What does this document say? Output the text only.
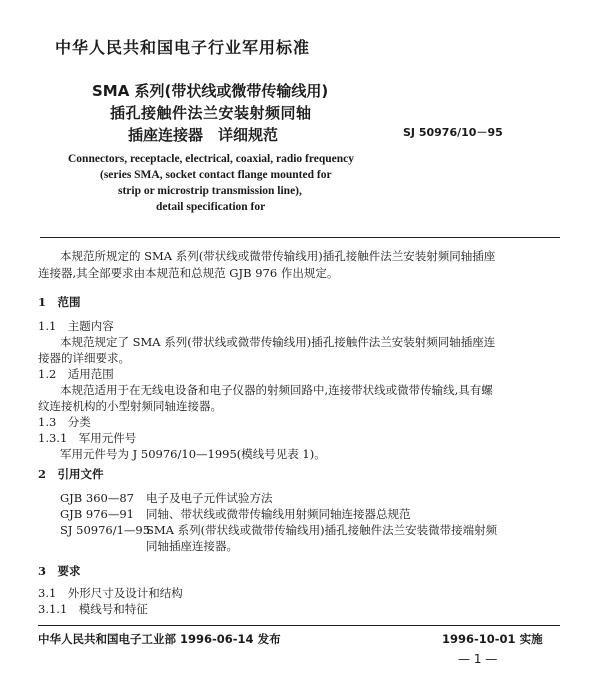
中华人民共和国电子行业军用标准
SMA 系列(带状线或微带传输线用)
插孔接触件法兰安装射频同轴
插座连接器　详细规范	SJ 50976/10－95
Connectors, receptacle, electrical, coaxial, radio frequency
(series SMA, socket contact flange mounted for
strip or microstrip transmission line),
detail specification for
本规范所规定的 SMA 系列(带状线或微带传输线用)插孔接触件法兰安装射频同轴插座
连接器,其全部要求由本规范和总规范 GJB 976 作出规定。
1　范围
1.1　主题内容
本规范规定了 SMA 系列(带状线或微带传输线用)插孔接触件法兰安装射频同轴插座连
接器的详细要求。
1.2　适用范围
本规范适用于在无线电设备和电子仪器的射频回路中,连接带状线或微带传输线,具有螺
纹连接机构的小型射频同轴连接器。
1.3　分类
1.3.1　军用元件号
军用元件号为 J 50976/10—1995(模线号见表 1)。
2　引用文件
GJB 360—87 电子及电子元件试验方法
GJB 976—91 同轴、带状线或微带传输线用射频同轴连接器总规范
SJ 50976/1—95
SMA 系列(带状线或微带传输线用)插孔接触件法兰安装微带接端射频
同轴插座连接器。
3　要求
3.1　外形尺寸及设计和结构
3.1.1　模线号和特征
中华人民共和国电子工业部 1996-06-14 发布	1996-10-01 实施
— 1 —
